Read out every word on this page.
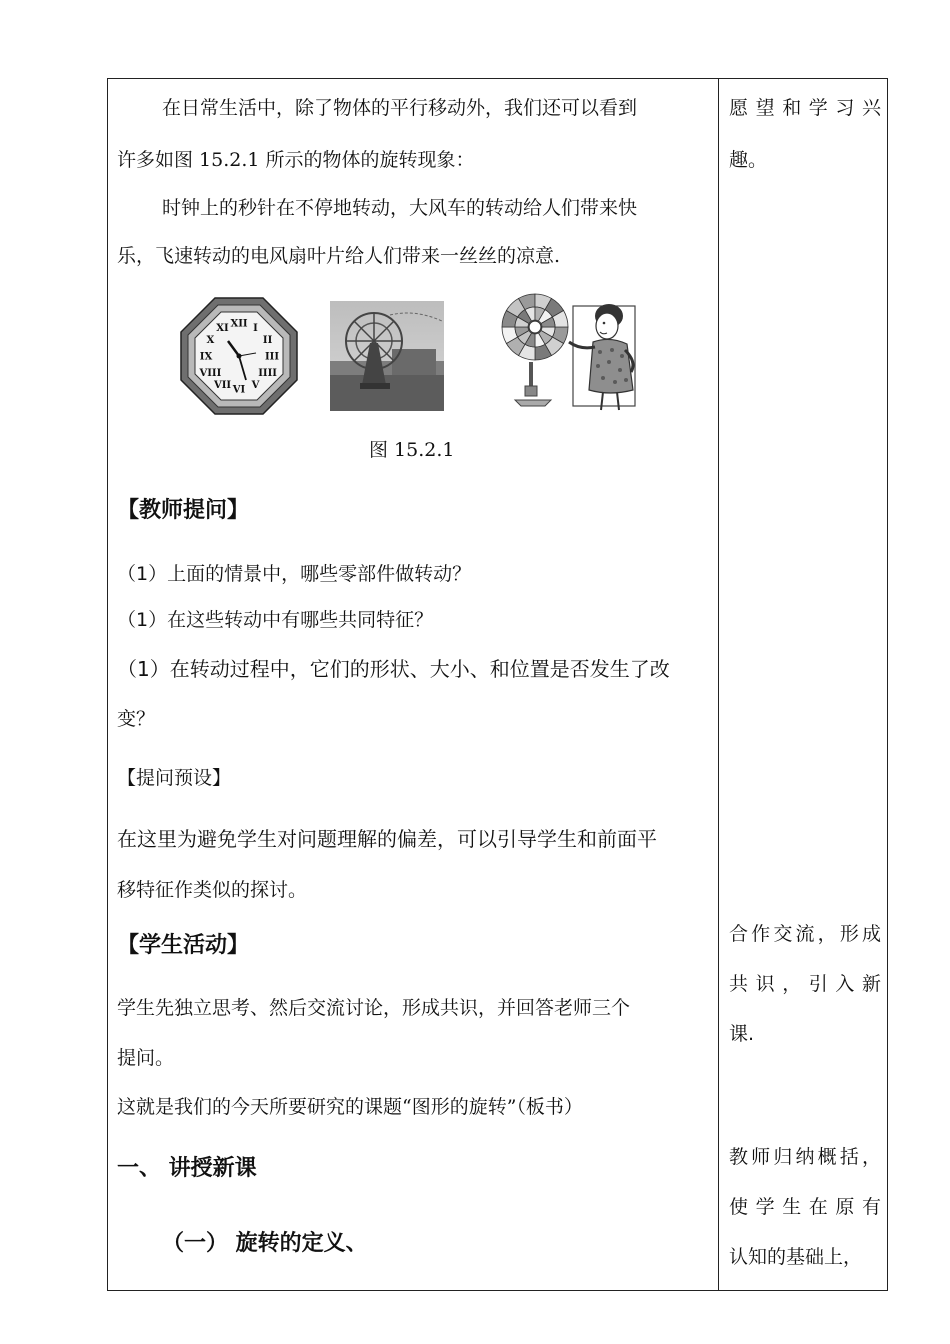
在日常生活中，除了物体的平行移动外，我们还可以看到
许多如图 15.2.1 所示的物体的旋转现象：
时钟上的秒针在不停地转动，大风车的转动给人们带来快
乐，飞速转动的电风扇叶片给人们带来一丝丝的凉意.
XII I
II
III
IIII
V
VI
VII
VIII
IX
X
XI
图 15.2.1
【教师提问】
（1）上面的情景中，哪些零部件做转动？
（1）在这些转动中有哪些共同特征？
（1）在转动过程中，它们的形状、大小、和位置是否发生了改
变？
【提问预设】
在这里为避免学生对问题理解的偏差，可以引导学生和前面平
移特征作类似的探讨。
【学生活动】
学生先独立思考、然后交流讨论，形成共识，并回答老师三个
提问。
这就是我们的今天所要研究的课题“图形的旋转”（板书）
一、 讲授新课
（一） 旋转的定义、
愿望和学习兴
趣。
合作交流，形成
共识，引入新
课.
教师归纳概括，
使学生在原有
认知的基础上，
